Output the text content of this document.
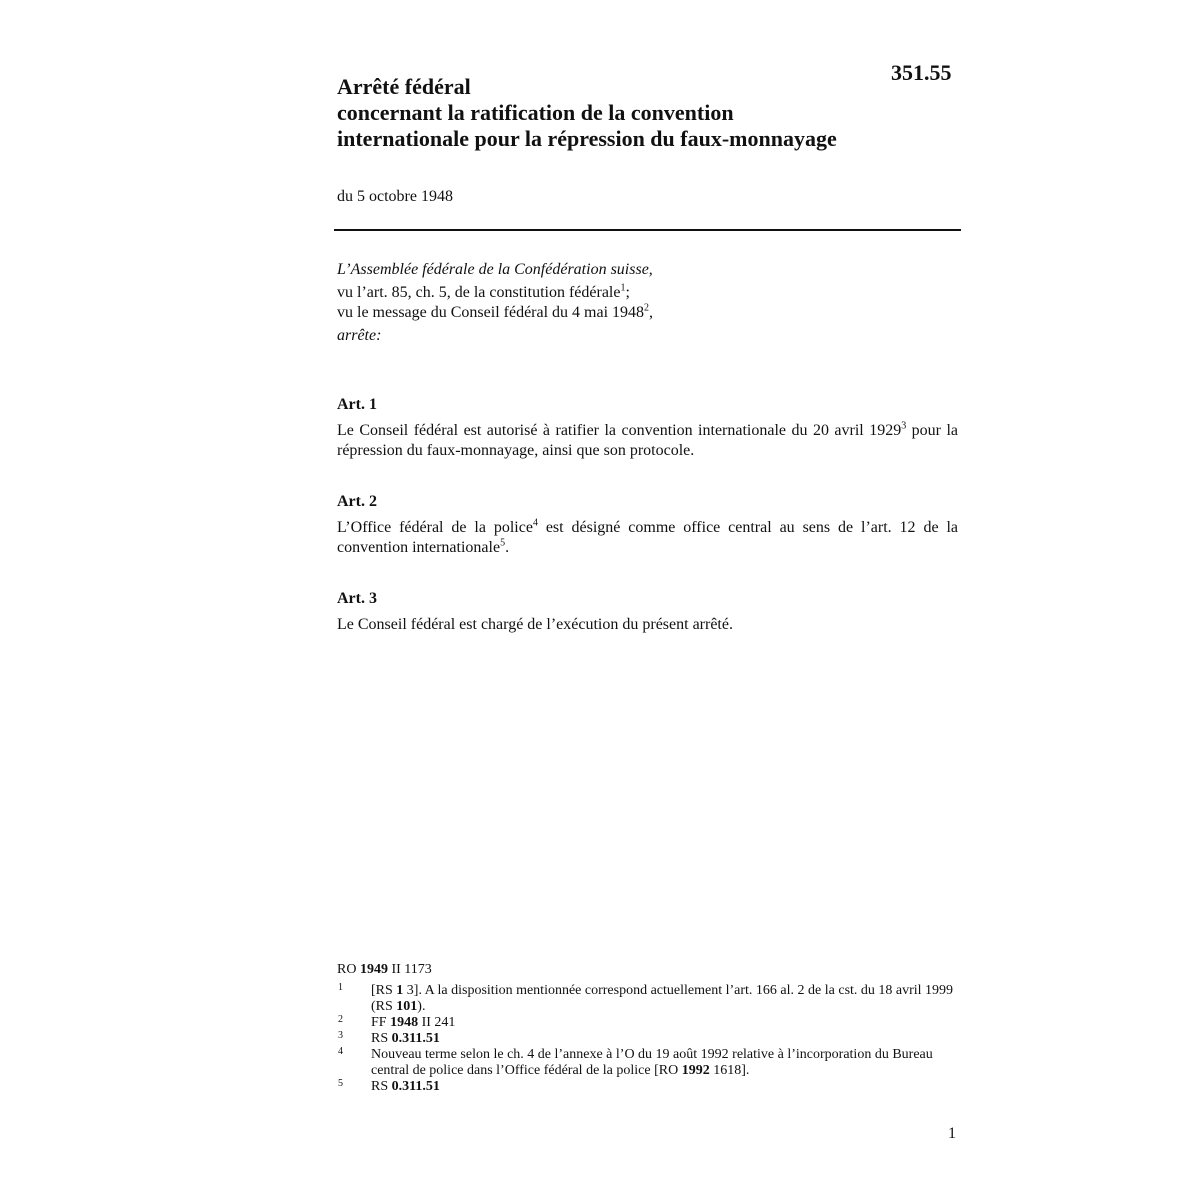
351.55
Arrêté fédéral
concernant la ratification de la convention
internationale pour la répression du faux-monnayage
du 5 octobre 1948
L’Assemblée fédérale de la Confédération suisse,
vu l’art. 85, ch. 5, de la constitution fédérale$^1$;
vu le message du Conseil fédéral du 4 mai 1948$^2$,
arrête:
Art. 1
Le Conseil fédéral est autorisé à ratifier la convention internationale du 20 avril 1929$^3$ pour la répression du faux-monnayage, ainsi que son protocole.
Art. 2
L’Office fédéral de la police$^4$ est désigné comme office central au sens de l’art. 12 de la convention internationale$^5$.
Art. 3
Le Conseil fédéral est chargé de l’exécution du présent arrêté.
RO 1949 II 1173
1 [RS 1 3]. A la disposition mentionnée correspond actuellement l’art. 166 al. 2 de la cst. du 18 avril 1999 (RS 101).
2 FF 1948 II 241
3 RS 0.311.51
4 Nouveau terme selon le ch. 4 de l’annexe à l’O du 19 août 1992 relative à l’incorporation du Bureau central de police dans l’Office fédéral de la police [RO 1992 1618].
5 RS 0.311.51
1
